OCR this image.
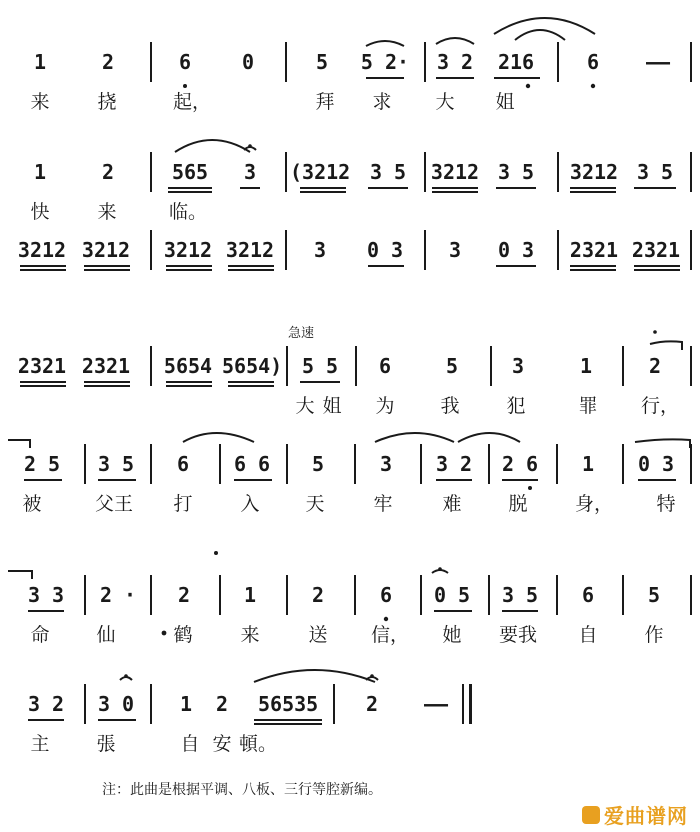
1	2	6	0	5	5 2·	3 2	216	6	——
来	挠	起，	拜	求	大	姐
1	2	565	3	(3212 3 5	3212 3 5	3212 3 5
快	来	临。
3212 3212 3212 3212	3	0 3	3	0 3	2321 2321
急速
2321 2321 5654 5654) 5 5	6	5	3	1	2
大 姐	为	我	犯	罪	行，
2 5	3 5	6	6 6	5	3	3 2	2 6	1	0 3
被	父王	打	入	天	牢	难	脱	身，	特
3 3	2 ·	2	1	2	6	0 5	3 5	6	5
命	仙	鹤	来	送	信，	她	要我	自	作
3 2	3 0	1	2	56535	2	——
主	張	自 安 頓。
注：此曲是根据平调、八板、三行等腔新编。
爱曲谱网
